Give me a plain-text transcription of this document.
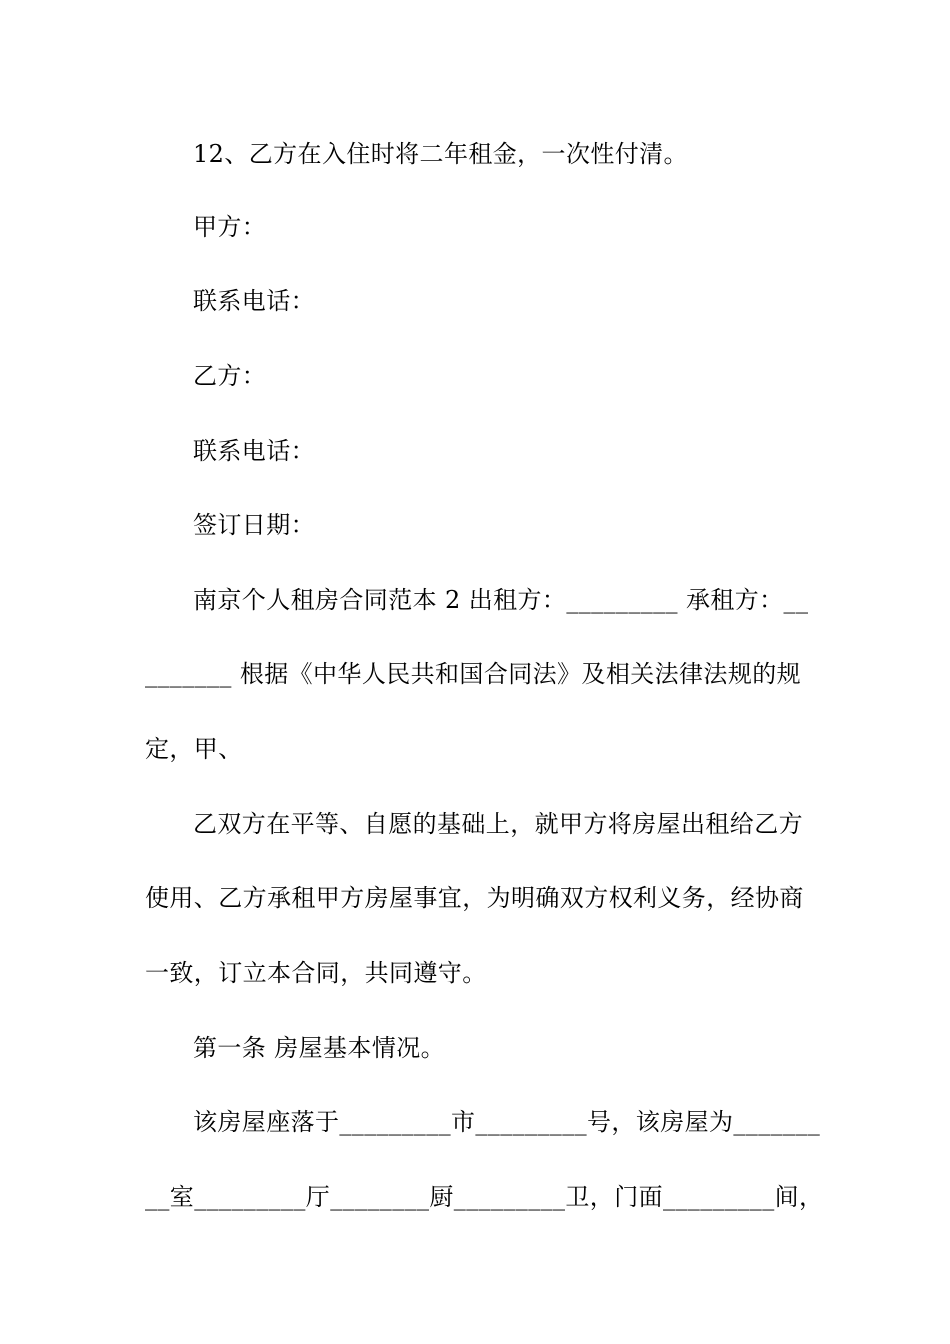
12、乙方在入住时将二年租金，一次性付清。
甲方：
联系电话：
乙方：
联系电话：
签订日期：
南京个人租房合同范本 2 出租方：_________ 承租方：__
_______ 根据《中华人民共和国合同法》及相关法律法规的规
定，甲、
乙双方在平等、自愿的基础上，就甲方将房屋出租给乙方
使用、乙方承租甲方房屋事宜，为明确双方权利义务，经协商
一致，订立本合同，共同遵守。
第一条 房屋基本情况。
该房屋座落于_________市_________号，该房屋为_______
__室_________厅________厨_________卫，门面_________间，
